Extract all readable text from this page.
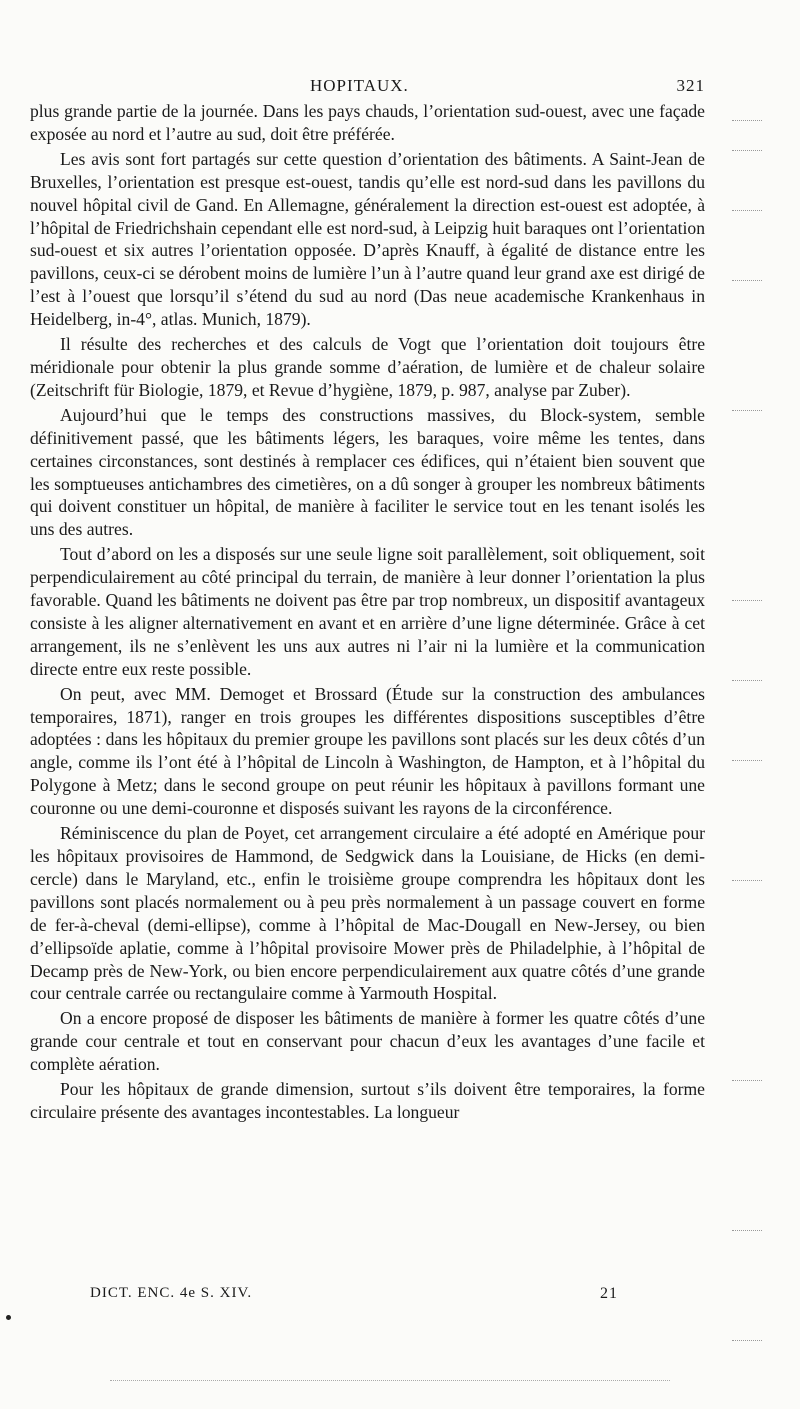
HOPITAUX.	321

plus grande partie de la journée. Dans les pays chauds, l’orientation sud-ouest, avec une façade exposée au nord et l’autre au sud, doit être préférée.

Les avis sont fort partagés sur cette question d’orientation des bâtiments. A Saint-Jean de Bruxelles, l’orientation est presque est-ouest, tandis qu’elle est nord-sud dans les pavillons du nouvel hôpital civil de Gand. En Allemagne, généralement la direction est-ouest est adoptée, à l’hôpital de Friedrichshain cependant elle est nord-sud, à Leipzig huit baraques ont l’orientation sud-ouest et six autres l’orientation opposée. D’après Knauff, à égalité de distance entre les pavillons, ceux-ci se dérobent moins de lumière l’un à l’autre quand leur grand axe est dirigé de l’est à l’ouest que lorsqu’il s’étend du sud au nord (Das neue academische Krankenhaus in Heidelberg, in-4°, atlas. Munich, 1879).

Il résulte des recherches et des calculs de Vogt que l’orientation doit toujours être méridionale pour obtenir la plus grande somme d’aération, de lumière et de chaleur solaire (Zeitschrift für Biologie, 1879, et Revue d’hygiène, 1879, p. 987, analyse par Zuber).

Aujourd’hui que le temps des constructions massives, du Block-system, semble définitivement passé, que les bâtiments légers, les baraques, voire même les tentes, dans certaines circonstances, sont destinés à remplacer ces édifices, qui n’étaient bien souvent que les somptueuses antichambres des cimetières, on a dû songer à grouper les nombreux bâtiments qui doivent constituer un hôpital, de manière à faciliter le service tout en les tenant isolés les uns des autres.

Tout d’abord on les a disposés sur une seule ligne soit parallèlement, soit obliquement, soit perpendiculairement au côté principal du terrain, de manière à leur donner l’orientation la plus favorable. Quand les bâtiments ne doivent pas être par trop nombreux, un dispositif avantageux consiste à les aligner alternativement en avant et en arrière d’une ligne déterminée. Grâce à cet arrangement, ils ne s’enlèvent les uns aux autres ni l’air ni la lumière et la communication directe entre eux reste possible.

On peut, avec MM. Demoget et Brossard (Étude sur la construction des ambulances temporaires, 1871), ranger en trois groupes les différentes dispositions susceptibles d’être adoptées : dans les hôpitaux du premier groupe les pavillons sont placés sur les deux côtés d’un angle, comme ils l’ont été à l’hôpital de Lincoln à Washington, de Hampton, et à l’hôpital du Polygone à Metz; dans le second groupe on peut réunir les hôpitaux à pavillons formant une couronne ou une demi-couronne et disposés suivant les rayons de la circonférence.

Réminiscence du plan de Poyet, cet arrangement circulaire a été adopté en Amérique pour les hôpitaux provisoires de Hammond, de Sedgwick dans la Louisiane, de Hicks (en demi-cercle) dans le Maryland, etc., enfin le troisième groupe comprendra les hôpitaux dont les pavillons sont placés normalement ou à peu près normalement à un passage couvert en forme de fer-à-cheval (demi-ellipse), comme à l’hôpital de Mac-Dougall en New-Jersey, ou bien d’ellipsoïde aplatie, comme à l’hôpital provisoire Mower près de Philadelphie, à l’hôpital de Decamp près de New-York, ou bien encore perpendiculairement aux quatre côtés d’une grande cour centrale carrée ou rectangulaire comme à Yarmouth Hospital.

On a encore proposé de disposer les bâtiments de manière à former les quatre côtés d’une grande cour centrale et tout en conservant pour chacun d’eux les avantages d’une facile et complète aération.

Pour les hôpitaux de grande dimension, surtout s’ils doivent être temporaires, la forme circulaire présente des avantages incontestables. La longueur

DICT. ENC. 4e S. XIV.	21
